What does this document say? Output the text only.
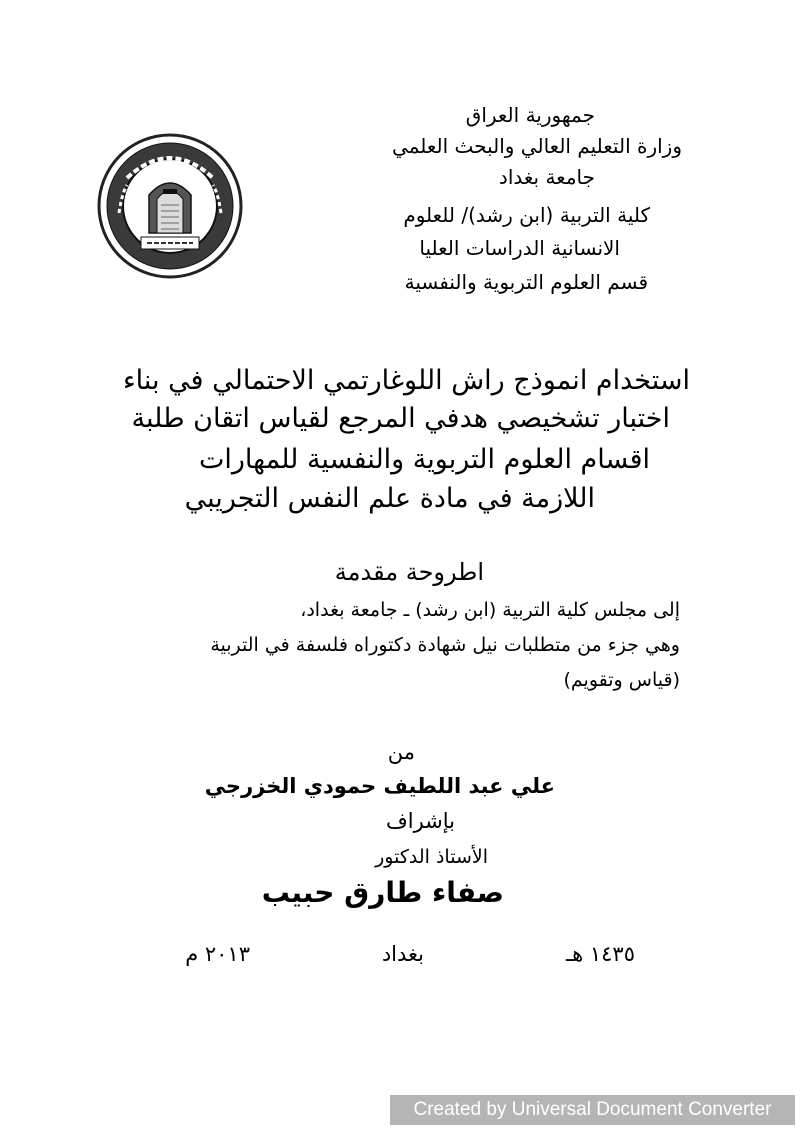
جمهورية العراق
وزارة التعليم العالي والبحث العلمي
جامعة بغداد
كلية التربية (ابن رشد)/ للعلوم
الانسانية الدراسات العليا
قسم العلوم التربوية والنفسية
استخدام انموذج راش اللوغارتمي الاحتمالي في بناء
اختبار تشخيصي هدفي المرجع لقياس اتقان طلبة
اقسام العلوم التربوية والنفسية للمهارات
اللازمة في مادة علم النفس التجريبي
اطروحة مقدمة
إلى مجلس كلية التربية (ابن رشد) ـ جامعة بغداد،
وهي جزء من متطلبات نيل شهادة دكتوراه فلسفة في التربية
(قياس وتقويم)
من
علي عبد اللطيف حمودي الخزرجي
بإشراف
الأستاذ الدكتور
صفاء طارق حبيب
١٤٣٥ هـ
بغداد
٢٠١٣ م
Created by Universal Document Converter
